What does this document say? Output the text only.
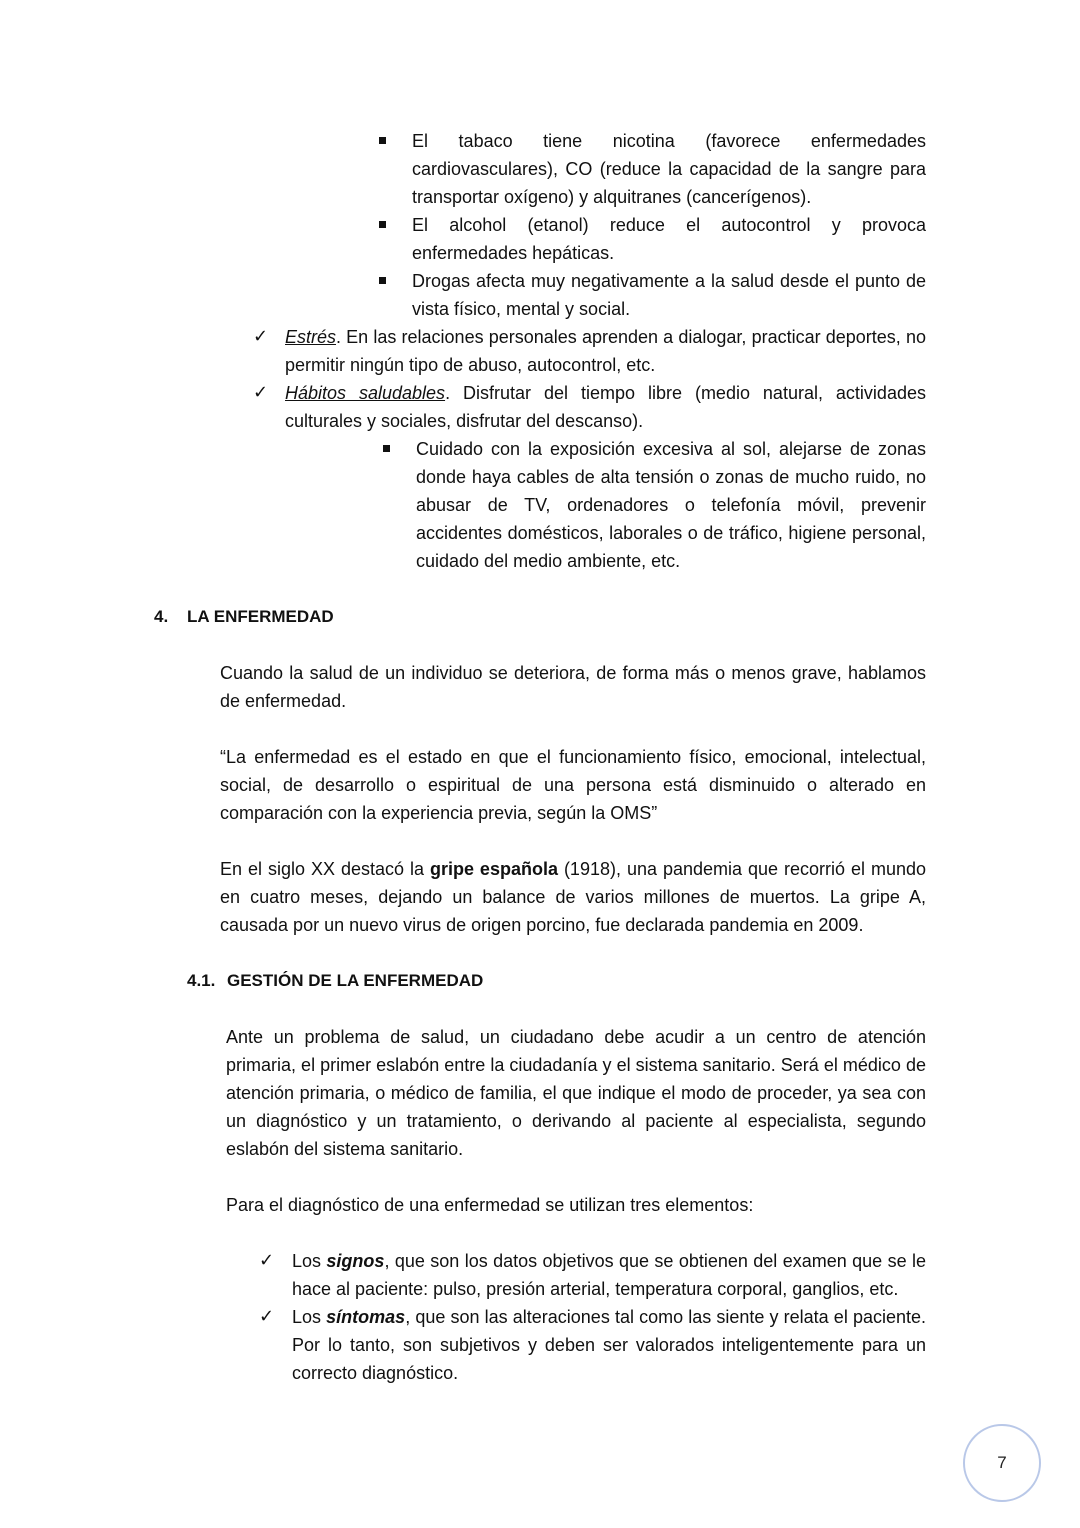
El tabaco tiene nicotina (favorece enfermedades cardiovasculares), CO (reduce la capacidad de la sangre para transportar oxígeno) y alquitranes (cancerígenos).
El alcohol (etanol) reduce el autocontrol y provoca enfermedades hepáticas.
Drogas afecta muy negativamente a la salud desde el punto de vista físico, mental y social.
✓ Estrés. En las relaciones personales aprenden a dialogar, practicar deportes, no permitir ningún tipo de abuso, autocontrol, etc.
✓ Hábitos saludables. Disfrutar del tiempo libre (medio natural, actividades culturales y sociales, disfrutar del descanso).
Cuidado con la exposición excesiva al sol, alejarse de zonas donde haya cables de alta tensión o zonas de mucho ruido, no abusar de TV, ordenadores o telefonía móvil, prevenir accidentes domésticos, laborales o de tráfico, higiene personal, cuidado del medio ambiente, etc.
4. LA ENFERMEDAD
Cuando la salud de un individuo se deteriora, de forma más o menos grave, hablamos de enfermedad.
“La enfermedad es el estado en que el funcionamiento físico, emocional, intelectual, social, de desarrollo o espiritual de una persona está disminuido o alterado en comparación con la experiencia previa, según la OMS”
En el siglo XX destacó la gripe española (1918), una pandemia que recorrió el mundo en cuatro meses, dejando un balance de varios millones de muertos. La gripe A, causada por un nuevo virus de origen porcino, fue declarada pandemia en 2009.
4.1. GESTIÓN DE LA ENFERMEDAD
Ante un problema de salud, un ciudadano debe acudir a un centro de atención primaria, el primer eslabón entre la ciudadanía y el sistema sanitario. Será el médico de atención primaria, o médico de familia, el que indique el modo de proceder, ya sea con un diagnóstico y un tratamiento, o derivando al paciente al especialista, segundo eslabón del sistema sanitario.
Para el diagnóstico de una enfermedad se utilizan tres elementos:
✓ Los signos, que son los datos objetivos que se obtienen del examen que se le hace al paciente: pulso, presión arterial, temperatura corporal, ganglios, etc.
✓ Los síntomas, que son las alteraciones tal como las siente y relata el paciente. Por lo tanto, son subjetivos y deben ser valorados inteligentemente para un correcto diagnóstico.
7
